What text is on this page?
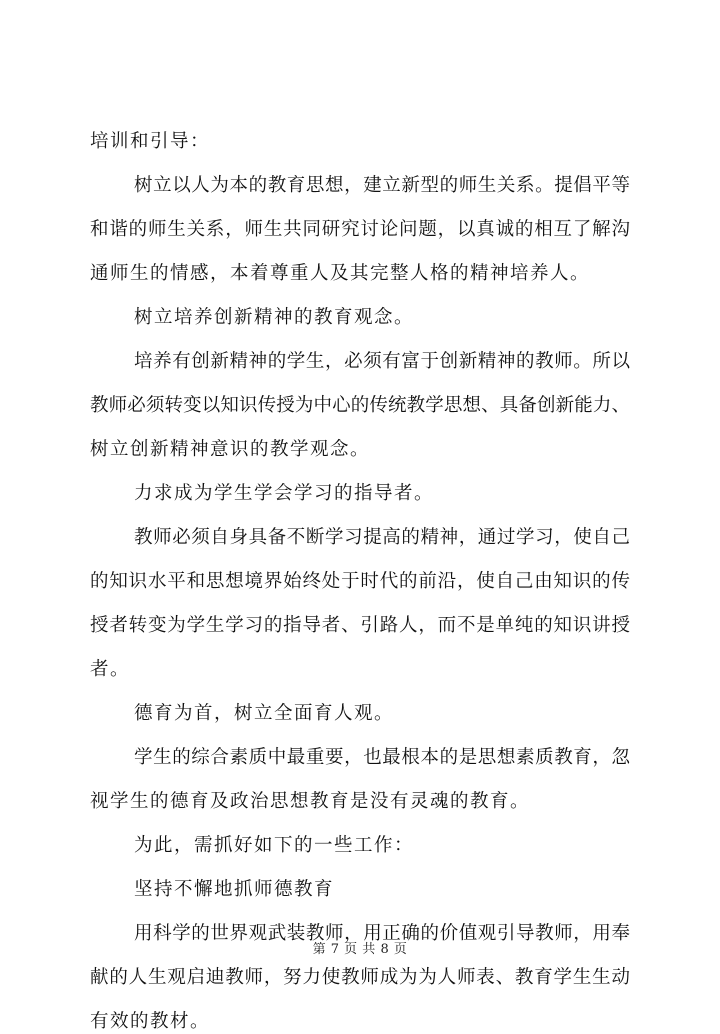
培训和引导：
树立以人为本的教育思想，建立新型的师生关系。提倡平等
和谐的师生关系，师生共同研究讨论问题，以真诚的相互了解沟
通师生的情感，本着尊重人及其完整人格的精神培养人。
树立培养创新精神的教育观念。
培养有创新精神的学生，必须有富于创新精神的教师。所以
教师必须转变以知识传授为中心的传统教学思想、具备创新能力、
树立创新精神意识的教学观念。
力求成为学生学会学习的指导者。
教师必须自身具备不断学习提高的精神，通过学习，使自己
的知识水平和思想境界始终处于时代的前沿，使自己由知识的传
授者转变为学生学习的指导者、引路人，而不是单纯的知识讲授
者。
德育为首，树立全面育人观。
学生的综合素质中最重要，也最根本的是思想素质教育，忽
视学生的德育及政治思想教育是没有灵魂的教育。
为此，需抓好如下的一些工作：
坚持不懈地抓师德教育
用科学的世界观武装教师，用正确的价值观引导教师，用奉
献的人生观启迪教师，努力使教师成为为人师表、教育学生生动
有效的教材。
第 7 页 共 8 页
